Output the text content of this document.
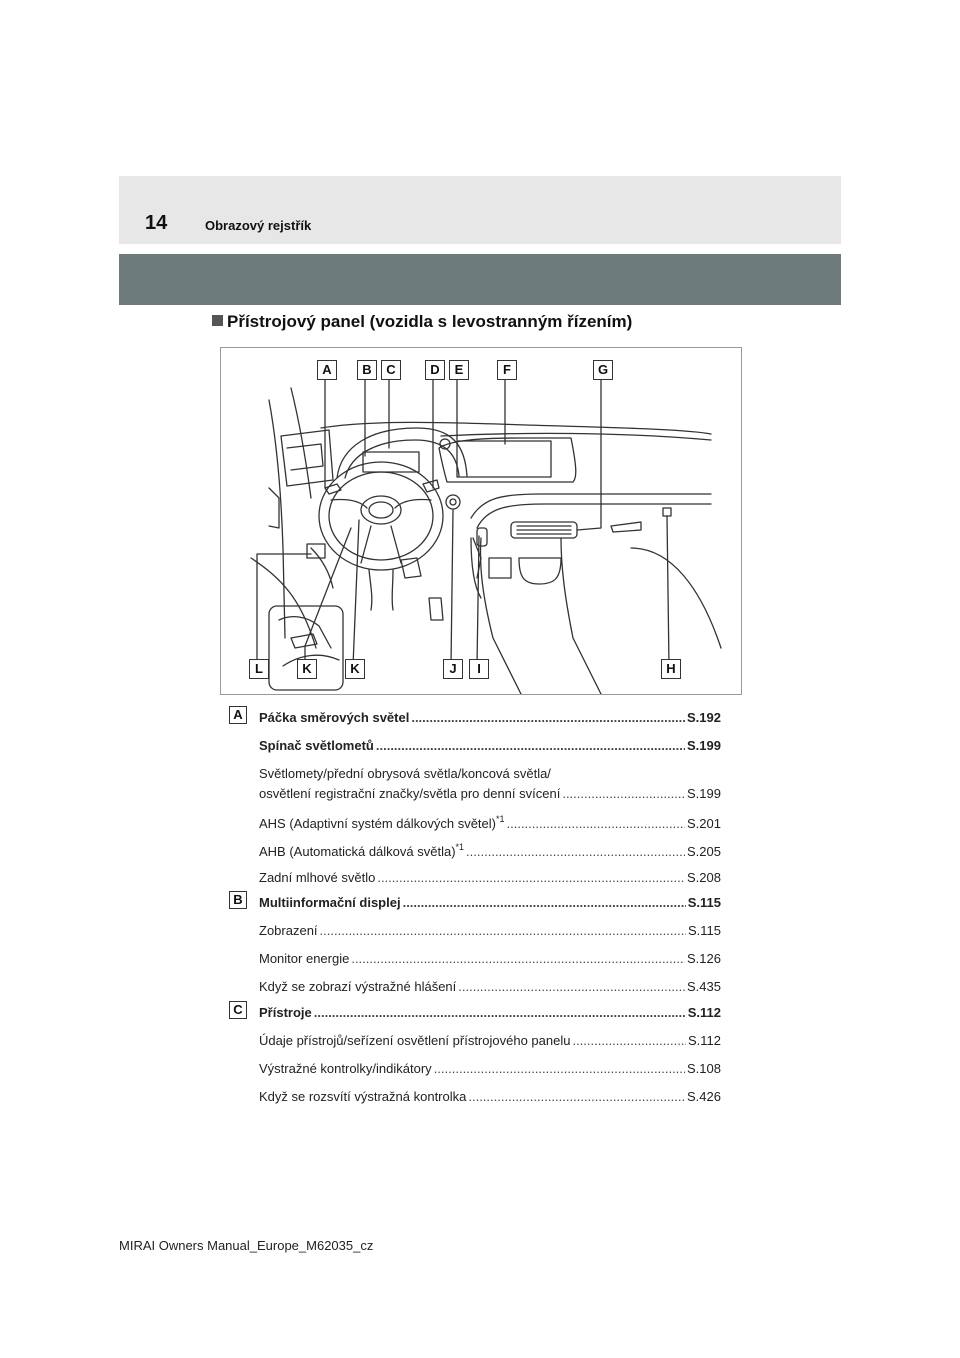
14	Obrazový rejstřík
Přístrojový panel (vozidla s levostranným řízením)
A	B	C	D	E	F	G
L	K	K	J	I	H
A	Páčka směrových světel .....	S.192
Spínač světlometů .....	S.199
Světlomety/přední obrysová světla/koncová světla/
osvětlení registrační značky/světla pro denní svícení .....	S.199
AHS (Adaptivní systém dálkových světel)$^{*1}$ .....	S.201
AHB (Automatická dálková světla)$^{*1}$ .....	S.205
Zadní mlhové světlo .....	S.208
B	Multiinformační displej .....	S.115
Zobrazení .....	S.115
Monitor energie .....	S.126
Když se zobrazí výstražné hlášení .....	S.435
C	Přístroje .....	S.112
Údaje přístrojů/seřízení osvětlení přístrojového panelu .....	S.112
Výstražné kontrolky/indikátory .....	S.108
Když se rozsvítí výstražná kontrolka .....	S.426
MIRAI Owners Manual_Europe_M62035_cz
